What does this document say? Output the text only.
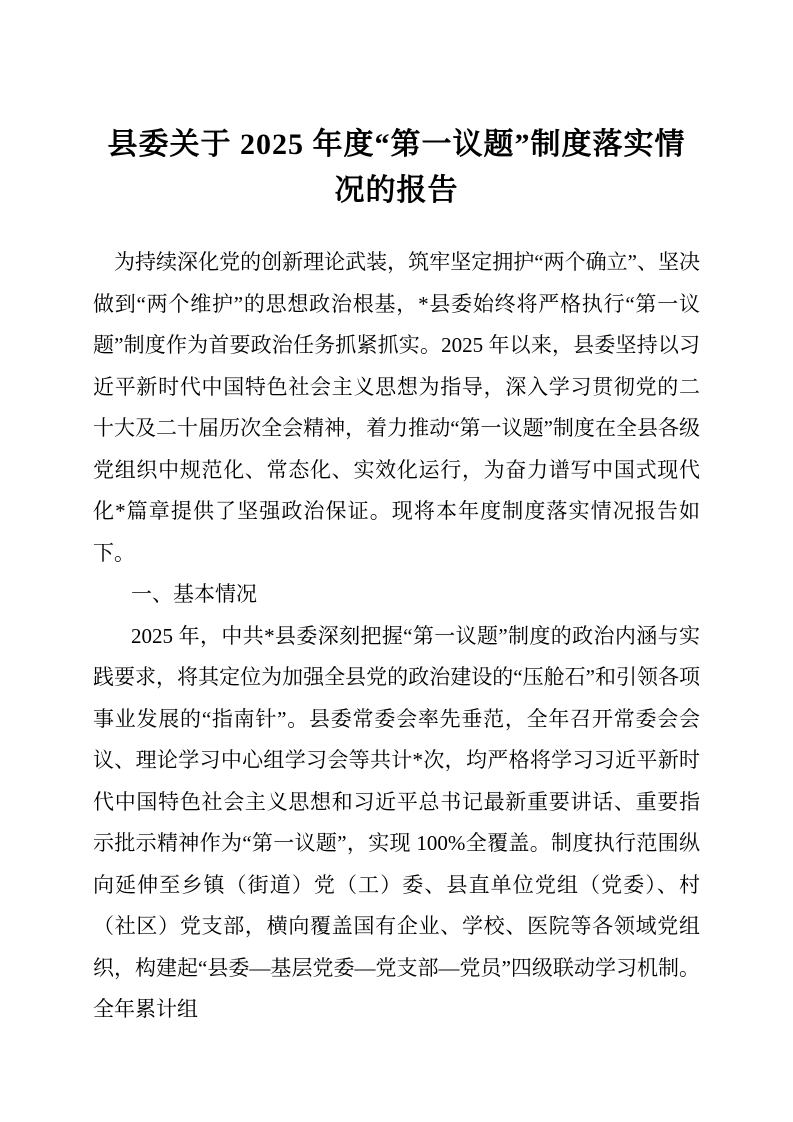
县委关于 2025 年度“第一议题”制度落实情况的报告

为持续深化党的创新理论武装，筑牢坚定拥护“两个确立”、坚决做到“两个维护”的思想政治根基，*县委始终将严格执行“第一议题”制度作为首要政治任务抓紧抓实。2025 年以来，县委坚持以习近平新时代中国特色社会主义思想为指导，深入学习贯彻党的二十大及二十届历次全会精神，着力推动“第一议题”制度在全县各级党组织中规范化、常态化、实效化运行，为奋力谱写中国式现代化*篇章提供了坚强政治保证。现将本年度制度落实情况报告如下。

一、基本情况

2025 年，中共*县委深刻把握“第一议题”制度的政治内涵与实践要求，将其定位为加强全县党的政治建设的“压舱石”和引领各项事业发展的“指南针”。县委常委会率先垂范，全年召开常委会会议、理论学习中心组学习会等共计*次，均严格将学习习近平新时代中国特色社会主义思想和习近平总书记最新重要讲话、重要指示批示精神作为“第一议题”，实现 100%全覆盖。制度执行范围纵向延伸至乡镇（街道）党（工）委、县直单位党组（党委）、村（社区）党支部，横向覆盖国有企业、学校、医院等各领域党组织，构建起“县委—基层党委—党支部—党员”四级联动学习机制。全年累计组
